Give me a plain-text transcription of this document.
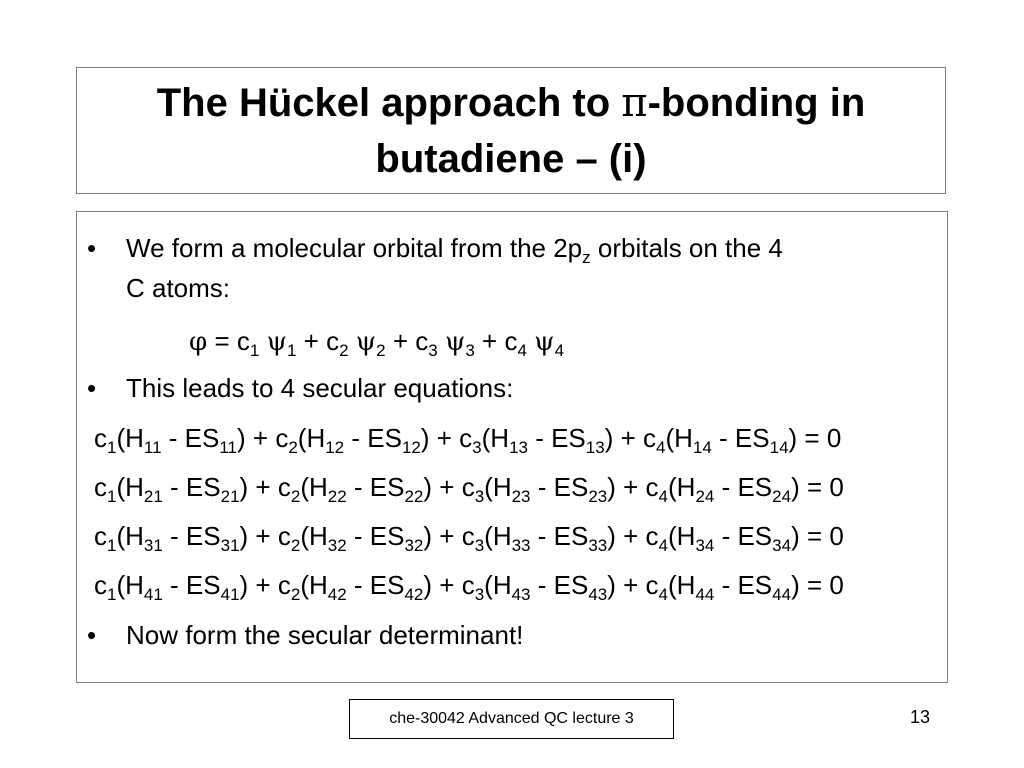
The Hückel approach to π-bonding in
butadiene – (i)
• We form a molecular orbital from the $2p_z$ orbitals on the 4
C atoms:
$\varphi = c_1$ $\psi_1 + c_2$ $\psi_2 + c_3$ $\psi_3 + c_4$ $\psi_4$
• This leads to 4 secular equations:
$c_1(H_{11} - ES_{11}) + c_2(H_{12} - ES_{12}) + c_3(H_{13} - ES_{13}) + c_4(H_{14} - ES_{14}) = 0$
$c_1(H_{21} - ES_{21}) + c_2(H_{22} - ES_{22}) + c_3(H_{23} - ES_{23}) + c_4(H_{24} - ES_{24}) = 0$
$c_1(H_{31} - ES_{31}) + c_2(H_{32} - ES_{32}) + c_3(H_{33} - ES_{33}) + c_4(H_{34} - ES_{34}) = 0$
$c_1(H_{41} - ES_{41}) + c_2(H_{42} - ES_{42}) + c_3(H_{43} - ES_{43}) + c_4(H_{44} - ES_{44}) = 0$
• Now form the secular determinant!
che-30042 Advanced QC lecture 3	13
